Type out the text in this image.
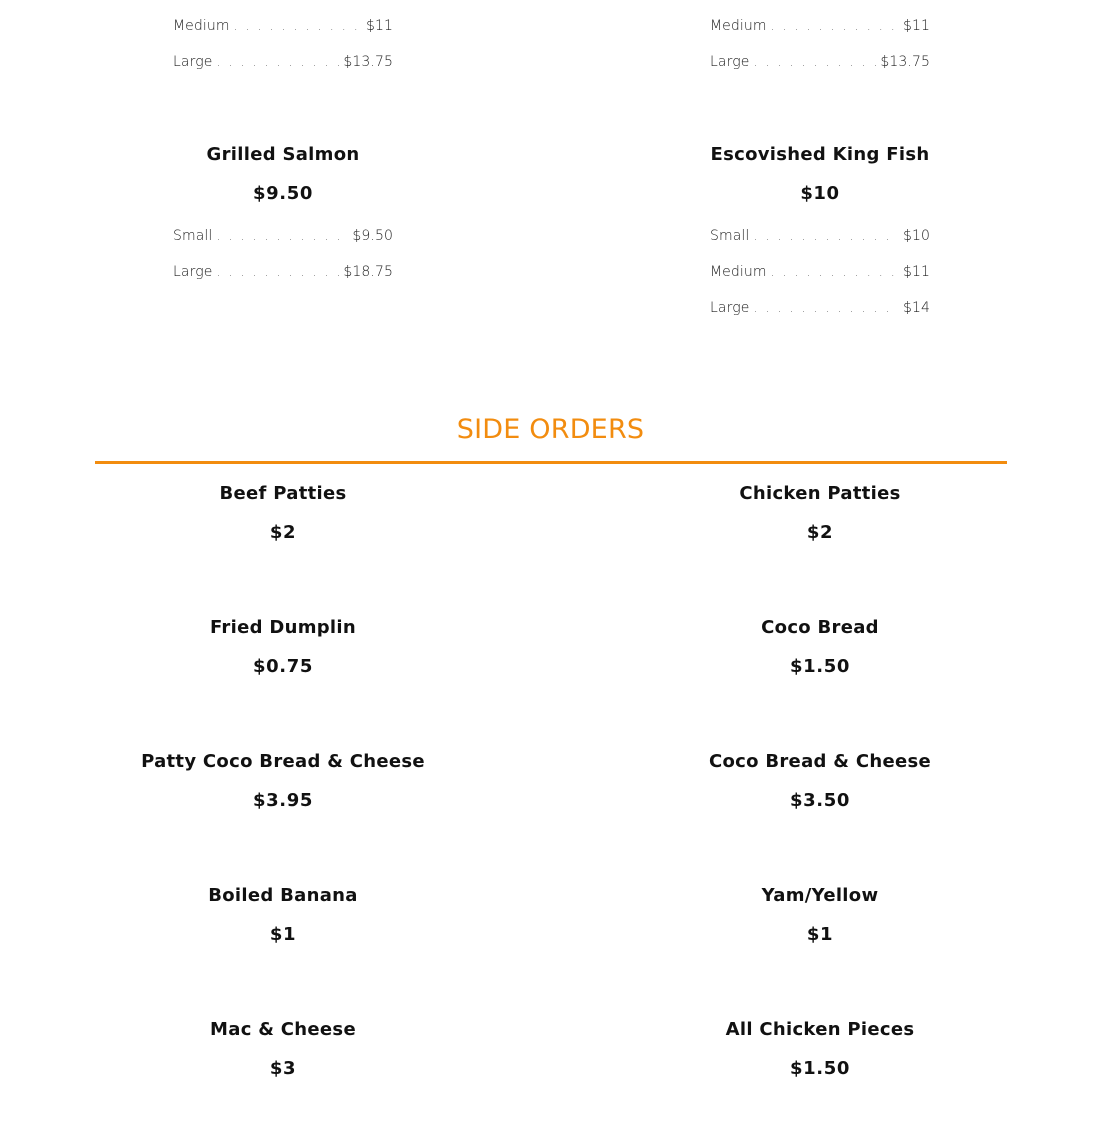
Medium . . .	$11
Large . . .	$13.75
Medium . . .	$11
Large . . .	$13.75
Grilled Salmon
$9.50
Small . . .	$9.50
Large . . .	$18.75
Escovished King Fish
$10
Small . . .	$10
Medium . . .	$11
Large . . .	$14
SIDE ORDERS
Beef Patties
$2
Chicken Patties
$2
Fried Dumplin
$0.75
Coco Bread
$1.50
Patty Coco Bread & Cheese
$3.95
Coco Bread & Cheese
$3.50
Boiled Banana
$1
Yam/Yellow
$1
Mac & Cheese
$3
All Chicken Pieces
$1.50
